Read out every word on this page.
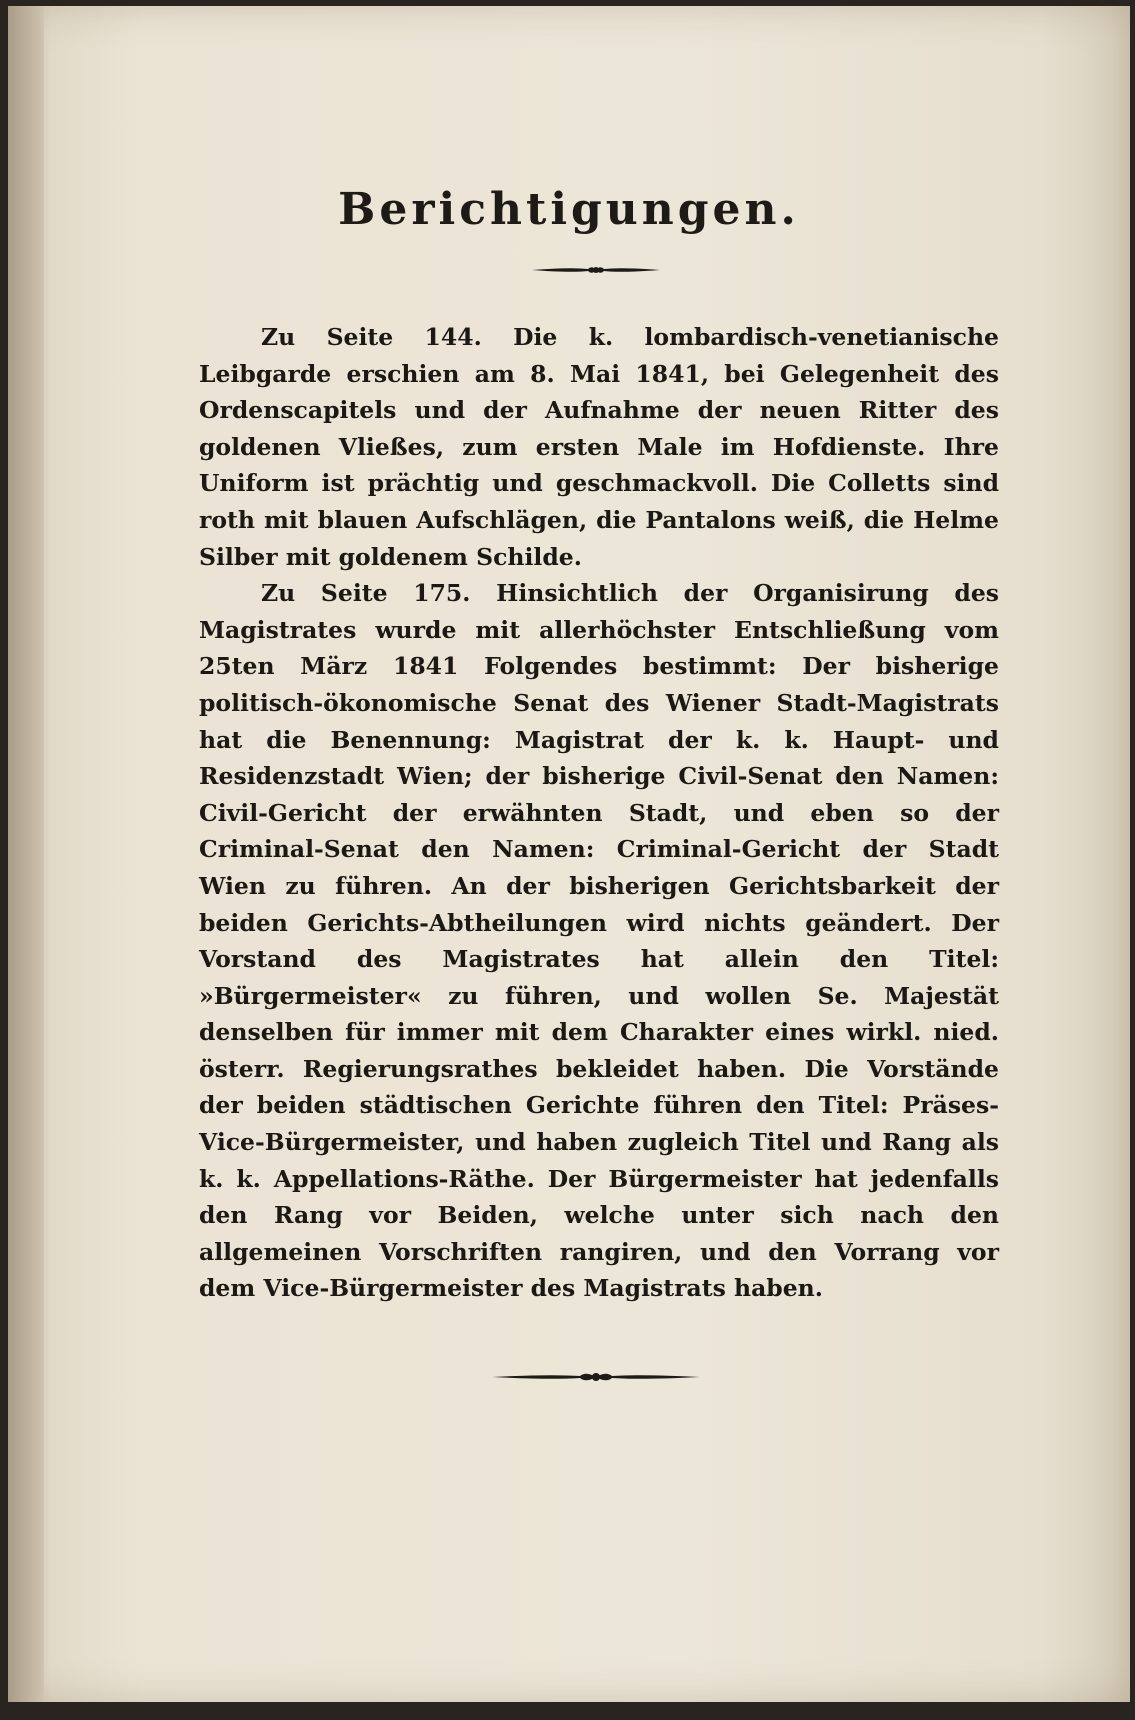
Berichtigungen.

Zu Seite 144. Die k. lombardisch-venetianische Leibgarde erschien am 8. Mai 1841, bei Gelegenheit des Ordenscapitels und der Aufnahme der neuen Ritter des goldenen Vließes, zum ersten Male im Hofdienste. Ihre Uniform ist prächtig und geschmackvoll. Die Colletts sind roth mit blauen Aufschlägen, die Pantalons weiß, die Helme Silber mit goldenem Schilde.

Zu Seite 175. Hinsichtlich der Organisirung des Magistrates wurde mit allerhöchster Entschließung vom 25ten März 1841 Folgendes bestimmt: Der bisherige politisch-ökonomische Senat des Wiener Stadt-Magistrats hat die Benennung: Magistrat der k. k. Haupt- und Residenzstadt Wien; der bisherige Civil-Senat den Namen: Civil-Gericht der erwähnten Stadt, und eben so der Criminal-Senat den Namen: Criminal-Gericht der Stadt Wien zu führen. An der bisherigen Gerichtsbarkeit der beiden Gerichts-Abtheilungen wird nichts geändert. Der Vorstand des Magistrates hat allein den Titel: »Bürgermeister« zu führen, und wollen Se. Majestät denselben für immer mit dem Charakter eines wirkl. nied. österr. Regierungsrathes bekleidet haben. Die Vorstände der beiden städtischen Gerichte führen den Titel: Präses-Vice-Bürgermeister, und haben zugleich Titel und Rang als k. k. Appellations-Räthe. Der Bürgermeister hat jedenfalls den Rang vor Beiden, welche unter sich nach den allgemeinen Vorschriften rangiren, und den Vorrang vor dem Vice-Bürgermeister des Magistrats haben.
